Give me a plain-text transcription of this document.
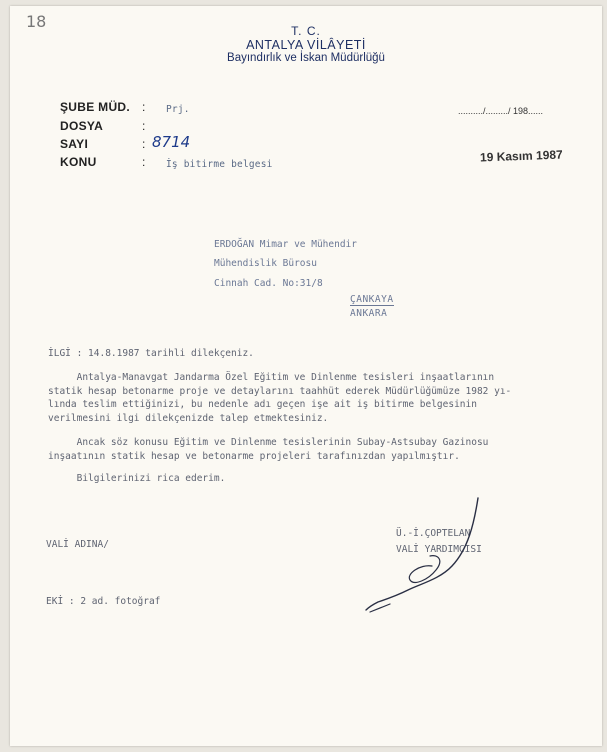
18	T. C.
ANTALYA VİLÂYETİ
Bayındırlık ve İskan Müdürlüğü
ŞUBE MÜD. : Prj.
DOSYA	:
SAYI	: 8714
KONU	: İş bitirme belgesi
........../........./ 198......
19 Kasım 1987
ERDOĞAN Mimar ve Mühendir
Mühendislik Bürosu
Cinnah Cad. No:31/8
ÇANKAYA
ANKARA
İLGİ : 14.8.1987 tarihli dilekçeniz.
Antalya-Manavgat Jandarma Özel Eğitim ve Dinlenme tesisleri inşaatlarının
statik hesap betonarme proje ve detaylarını taahhüt ederek Müdürlüğümüze 1982 yı-
lında teslim ettiğinizi, bu nedenle adı geçen işe ait iş bitirme belgesinin
verilmesini ilgi dilekçenizde talep etmektesiniz.
Ancak söz konusu Eğitim ve Dinlenme tesislerinin Subay-Astsubay Gazinosu
inşaatının statik hesap ve betonarme projeleri tarafınızdan yapılmıştır.
Bilgilerinizi rica ederim.
VALİ ADINA/
Ü.-İ.ÇOPTELAN
VALİ YARDIMCISI
EKİ : 2 ad. fotoğraf
